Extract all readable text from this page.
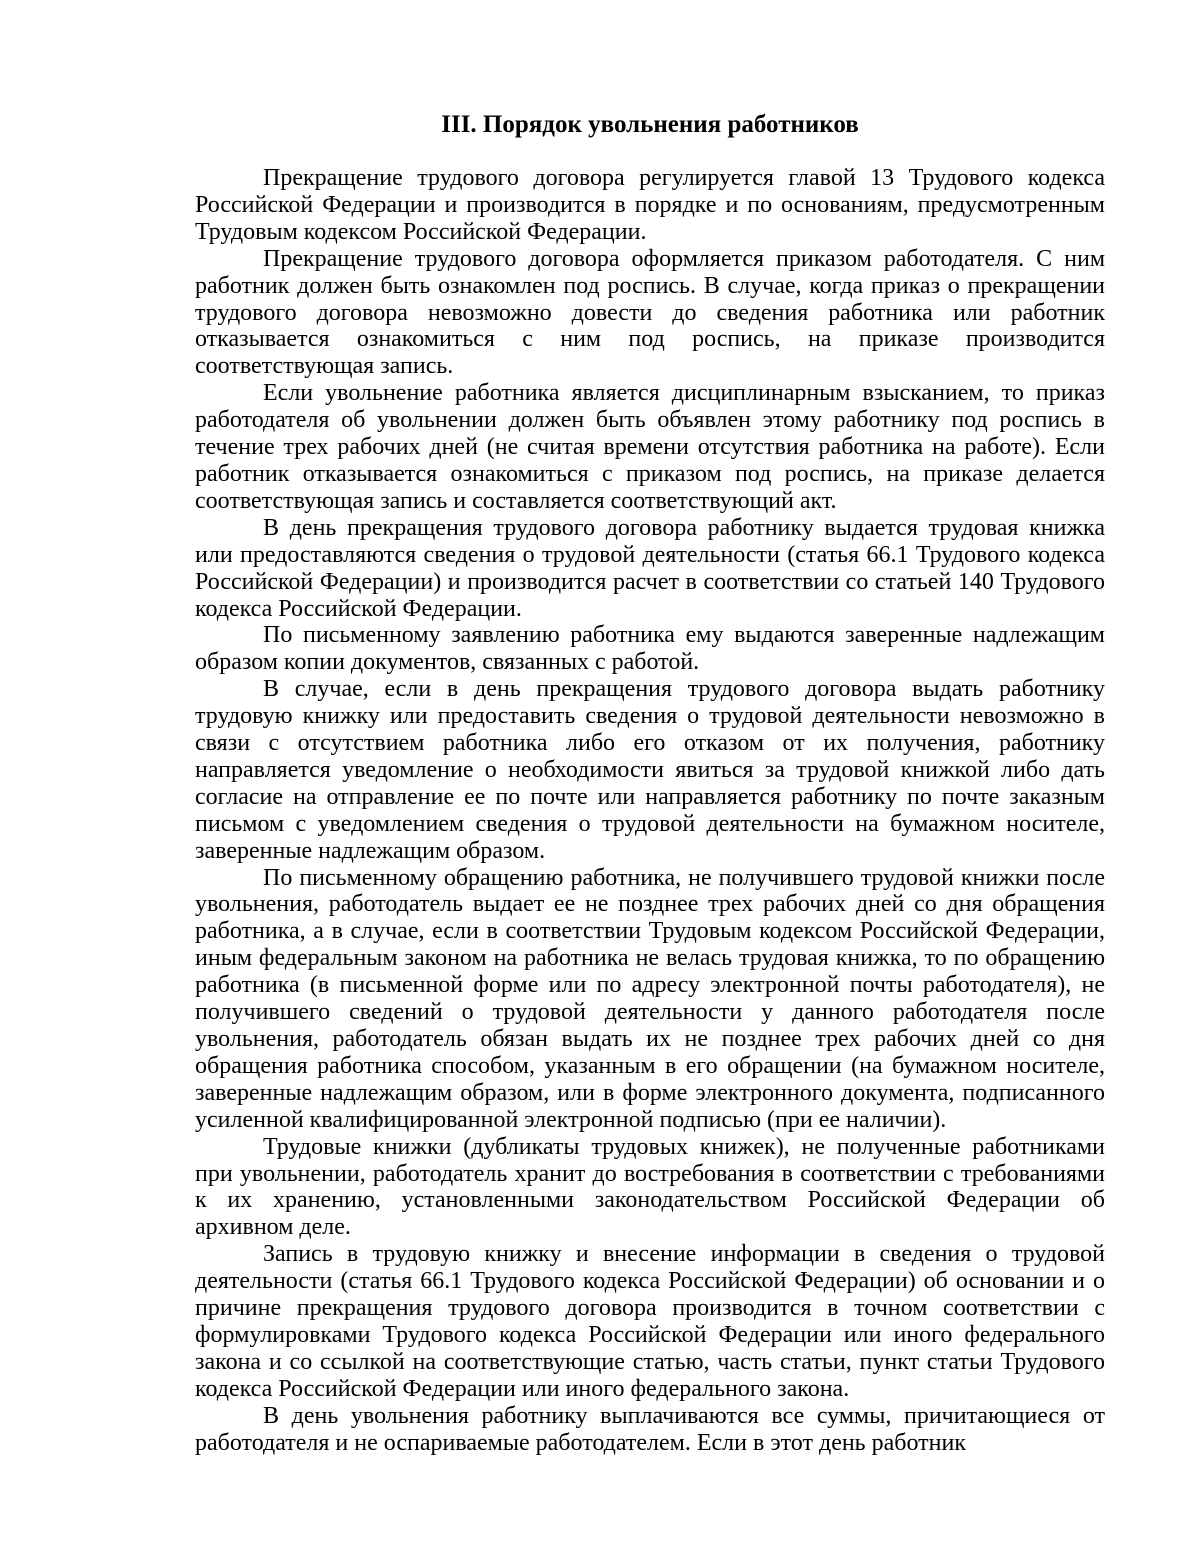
III. Порядок увольнения работников

Прекращение трудового договора регулируется главой 13 Трудового кодекса Российской Федерации и производится в порядке и по основаниям, предусмотренным Трудовым кодексом Российской Федерации.

Прекращение трудового договора оформляется приказом работодателя. С ним работник должен быть ознакомлен под роспись. В случае, когда приказ о прекращении трудового договора невозможно довести до сведения работника или работник отказывается ознакомиться с ним под роспись, на приказе производится соответствующая запись.

Если увольнение работника является дисциплинарным взысканием, то приказ работодателя об увольнении должен быть объявлен этому работнику под роспись в течение трех рабочих дней (не считая времени отсутствия работника на работе). Если работник отказывается ознакомиться с приказом под роспись, на приказе делается соответствующая запись и составляется соответствующий акт.

В день прекращения трудового договора работнику выдается трудовая книжка или предоставляются сведения о трудовой деятельности (статья 66.1 Трудового кодекса Российской Федерации) и производится расчет в соответствии со статьей 140 Трудового кодекса Российской Федерации.

По письменному заявлению работника ему выдаются заверенные надлежащим образом копии документов, связанных с работой.

В случае, если в день прекращения трудового договора выдать работнику трудовую книжку или предоставить сведения о трудовой деятельности невозможно в связи с отсутствием работника либо его отказом от их получения, работнику направляется уведомление о необходимости явиться за трудовой книжкой либо дать согласие на отправление ее по почте или направляется работнику по почте заказным письмом с уведомлением сведения о трудовой деятельности на бумажном носителе, заверенные надлежащим образом.

По письменному обращению работника, не получившего трудовой книжки после увольнения, работодатель выдает ее не позднее трех рабочих дней со дня обращения работника, а в случае, если в соответствии Трудовым кодексом Российской Федерации, иным федеральным законом на работника не велась трудовая книжка, то по обращению работника (в письменной форме или по адресу электронной почты работодателя), не получившего сведений о трудовой деятельности у данного работодателя после увольнения, работодатель обязан выдать их не позднее трех рабочих дней со дня обращения работника способом, указанным в его обращении (на бумажном носителе, заверенные надлежащим образом, или в форме электронного документа, подписанного усиленной квалифицированной электронной подписью (при ее наличии).

Трудовые книжки (дубликаты трудовых книжек), не полученные работниками при увольнении, работодатель хранит до востребования в соответствии с требованиями к их хранению, установленными законодательством Российской Федерации об архивном деле.

Запись в трудовую книжку и внесение информации в сведения о трудовой деятельности (статья 66.1 Трудового кодекса Российской Федерации) об основании и о причине прекращения трудового договора производится в точном соответствии с формулировками Трудового кодекса Российской Федерации или иного федерального закона и со ссылкой на соответствующие статью, часть статьи, пункт статьи Трудового кодекса Российской Федерации или иного федерального закона.

В день увольнения работнику выплачиваются все суммы, причитающиеся от работодателя и не оспариваемые работодателем. Если в этот день работник
